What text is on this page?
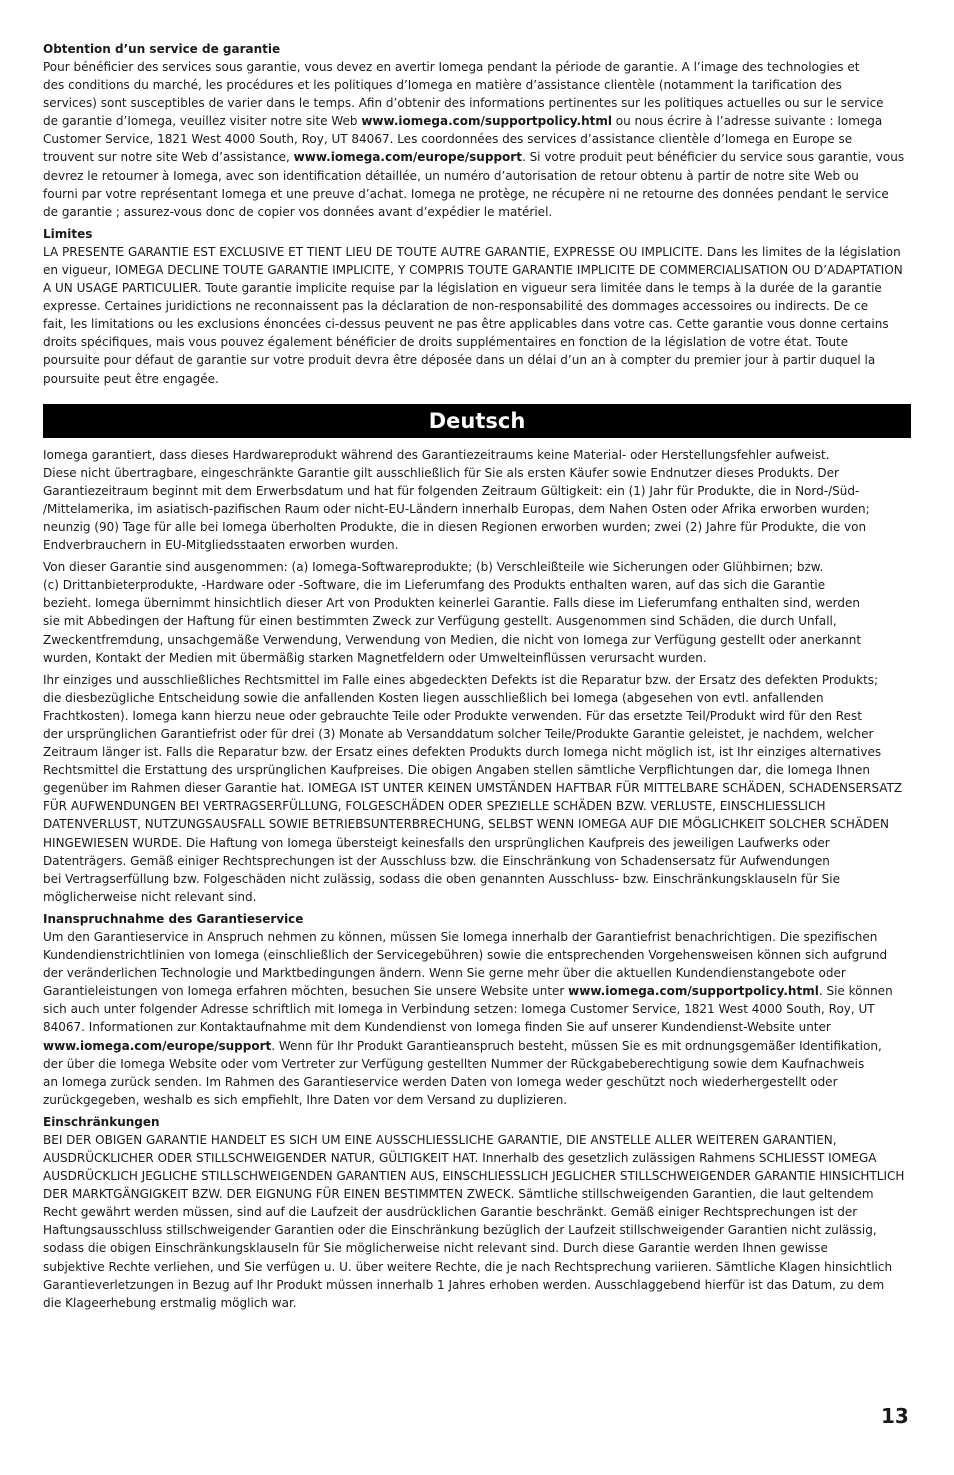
Obtention d’un service de garantie
Pour bénéficier des services sous garantie, vous devez en avertir Iomega pendant la période de garantie. A l’image des technologies et
des conditions du marché, les procédures et les politiques d’Iomega en matière d’assistance clientèle (notamment la tarification des
services) sont susceptibles de varier dans le temps. Afin d’obtenir des informations pertinentes sur les politiques actuelles ou sur le service
de garantie d’Iomega, veuillez visiter notre site Web www.iomega.com/supportpolicy.html ou nous écrire à l’adresse suivante : Iomega
Customer Service, 1821 West 4000 South, Roy, UT 84067. Les coordonnées des services d’assistance clientèle d’Iomega en Europe se
trouvent sur notre site Web d’assistance, www.iomega.com/europe/support. Si votre produit peut bénéficier du service sous garantie, vous
devrez le retourner à Iomega, avec son identification détaillée, un numéro d’autorisation de retour obtenu à partir de notre site Web ou
fourni par votre représentant Iomega et une preuve d’achat. Iomega ne protège, ne récupère ni ne retourne des données pendant le service
de garantie ; assurez-vous donc de copier vos données avant d’expédier le matériel.
Limites
LA PRESENTE GARANTIE EST EXCLUSIVE ET TIENT LIEU DE TOUTE AUTRE GARANTIE, EXPRESSE OU IMPLICITE. Dans les limites de la législation
en vigueur, IOMEGA DECLINE TOUTE GARANTIE IMPLICITE, Y COMPRIS TOUTE GARANTIE IMPLICITE DE COMMERCIALISATION OU D’ADAPTATION
A UN USAGE PARTICULIER. Toute garantie implicite requise par la législation en vigueur sera limitée dans le temps à la durée de la garantie
expresse. Certaines juridictions ne reconnaissent pas la déclaration de non-responsabilité des dommages accessoires ou indirects. De ce
fait, les limitations ou les exclusions énoncées ci-dessus peuvent ne pas être applicables dans votre cas. Cette garantie vous donne certains
droits spécifiques, mais vous pouvez également bénéficier de droits supplémentaires en fonction de la législation de votre état. Toute
poursuite pour défaut de garantie sur votre produit devra être déposée dans un délai d’un an à compter du premier jour à partir duquel la
poursuite peut être engagée.
Deutsch
Iomega garantiert, dass dieses Hardwareprodukt während des Garantiezeitraums keine Material- oder Herstellungsfehler aufweist.
Diese nicht übertragbare, eingeschränkte Garantie gilt ausschließlich für Sie als ersten Käufer sowie Endnutzer dieses Produkts. Der
Garantiezeitraum beginnt mit dem Erwerbsdatum und hat für folgenden Zeitraum Gültigkeit: ein (1) Jahr für Produkte, die in Nord-/Süd-
/Mittelamerika, im asiatisch-pazifischen Raum oder nicht-EU-Ländern innerhalb Europas, dem Nahen Osten oder Afrika erworben wurden;
neunzig (90) Tage für alle bei Iomega überholten Produkte, die in diesen Regionen erworben wurden; zwei (2) Jahre für Produkte, die von
Endverbrauchern in EU-Mitgliedsstaaten erworben wurden.
Von dieser Garantie sind ausgenommen: (a) Iomega-Softwareprodukte; (b) Verschleißteile wie Sicherungen oder Glühbirnen; bzw.
(c) Drittanbieterprodukte, -Hardware oder -Software, die im Lieferumfang des Produkts enthalten waren, auf das sich die Garantie
bezieht. Iomega übernimmt hinsichtlich dieser Art von Produkten keinerlei Garantie. Falls diese im Lieferumfang enthalten sind, werden
sie mit Abbedingen der Haftung für einen bestimmten Zweck zur Verfügung gestellt. Ausgenommen sind Schäden, die durch Unfall,
Zweckentfremdung, unsachgemäße Verwendung, Verwendung von Medien, die nicht von Iomega zur Verfügung gestellt oder anerkannt
wurden, Kontakt der Medien mit übermäßig starken Magnetfeldern oder Umwelteinflüssen verursacht wurden.
Ihr einziges und ausschließliches Rechtsmittel im Falle eines abgedeckten Defekts ist die Reparatur bzw. der Ersatz des defekten Produkts;
die diesbezügliche Entscheidung sowie die anfallenden Kosten liegen ausschließlich bei Iomega (abgesehen von evtl. anfallenden
Frachtkosten). Iomega kann hierzu neue oder gebrauchte Teile oder Produkte verwenden. Für das ersetzte Teil/Produkt wird für den Rest
der ursprünglichen Garantiefrist oder für drei (3) Monate ab Versanddatum solcher Teile/Produkte Garantie geleistet, je nachdem, welcher
Zeitraum länger ist. Falls die Reparatur bzw. der Ersatz eines defekten Produkts durch Iomega nicht möglich ist, ist Ihr einziges alternatives
Rechtsmittel die Erstattung des ursprünglichen Kaufpreises. Die obigen Angaben stellen sämtliche Verpflichtungen dar, die Iomega Ihnen
gegenüber im Rahmen dieser Garantie hat. IOMEGA IST UNTER KEINEN UMSTÄNDEN HAFTBAR FÜR MITTELBARE SCHÄDEN, SCHADENSERSATZ
FÜR AUFWENDUNGEN BEI VERTRAGSERFÜLLUNG, FOLGESCHÄDEN ODER SPEZIELLE SCHÄDEN BZW. VERLUSTE, EINSCHLIESSLICH
DATENVERLUST, NUTZUNGSAUSFALL SOWIE BETRIEBSUNTERBRECHUNG, SELBST WENN IOMEGA AUF DIE MÖGLICHKEIT SOLCHER SCHÄDEN
HINGEWIESEN WURDE. Die Haftung von Iomega übersteigt keinesfalls den ursprünglichen Kaufpreis des jeweiligen Laufwerks oder
Datenträgers. Gemäß einiger Rechtsprechungen ist der Ausschluss bzw. die Einschränkung von Schadensersatz für Aufwendungen
bei Vertragserfüllung bzw. Folgeschäden nicht zulässig, sodass die oben genannten Ausschluss- bzw. Einschränkungsklauseln für Sie
möglicherweise nicht relevant sind.
Inanspruchnahme des Garantieservice
Um den Garantieservice in Anspruch nehmen zu können, müssen Sie Iomega innerhalb der Garantiefrist benachrichtigen. Die spezifischen
Kundendienstrichtlinien von Iomega (einschließlich der Servicegebühren) sowie die entsprechenden Vorgehensweisen können sich aufgrund
der veränderlichen Technologie und Marktbedingungen ändern. Wenn Sie gerne mehr über die aktuellen Kundendienstangebote oder
Garantieleistungen von Iomega erfahren möchten, besuchen Sie unsere Website unter www.iomega.com/supportpolicy.html. Sie können
sich auch unter folgender Adresse schriftlich mit Iomega in Verbindung setzen: Iomega Customer Service, 1821 West 4000 South, Roy, UT
84067. Informationen zur Kontaktaufnahme mit dem Kundendienst von Iomega finden Sie auf unserer Kundendienst-Website unter
www.iomega.com/europe/support. Wenn für Ihr Produkt Garantieanspruch besteht, müssen Sie es mit ordnungsgemäßer Identifikation,
der über die Iomega Website oder vom Vertreter zur Verfügung gestellten Nummer der Rückgabeberechtigung sowie dem Kaufnachweis
an Iomega zurück senden. Im Rahmen des Garantieservice werden Daten von Iomega weder geschützt noch wiederhergestellt oder
zurückgegeben, weshalb es sich empfiehlt, Ihre Daten vor dem Versand zu duplizieren.
Einschränkungen
BEI DER OBIGEN GARANTIE HANDELT ES SICH UM EINE AUSSCHLIESSLICHE GARANTIE, DIE ANSTELLE ALLER WEITEREN GARANTIEN,
AUSDRÜCKLICHER ODER STILLSCHWEIGENDER NATUR, GÜLTIGKEIT HAT. Innerhalb des gesetzlich zulässigen Rahmens SCHLIESST IOMEGA
AUSDRÜCKLICH JEGLICHE STILLSCHWEIGENDEN GARANTIEN AUS, EINSCHLIESSLICH JEGLICHER STILLSCHWEIGENDER GARANTIE HINSICHTLICH
DER MARKTGÄNGIGKEIT BZW. DER EIGNUNG FÜR EINEN BESTIMMTEN ZWECK. Sämtliche stillschweigenden Garantien, die laut geltendem
Recht gewährt werden müssen, sind auf die Laufzeit der ausdrücklichen Garantie beschränkt. Gemäß einiger Rechtsprechungen ist der
Haftungsausschluss stillschweigender Garantien oder die Einschränkung bezüglich der Laufzeit stillschweigender Garantien nicht zulässig,
sodass die obigen Einschränkungsklauseln für Sie möglicherweise nicht relevant sind. Durch diese Garantie werden Ihnen gewisse
subjektive Rechte verliehen, und Sie verfügen u. U. über weitere Rechte, die je nach Rechtsprechung variieren. Sämtliche Klagen hinsichtlich
Garantieverletzungen in Bezug auf Ihr Produkt müssen innerhalb 1 Jahres erhoben werden. Ausschlaggebend hierfür ist das Datum, zu dem
die Klageerhebung erstmalig möglich war.
13
